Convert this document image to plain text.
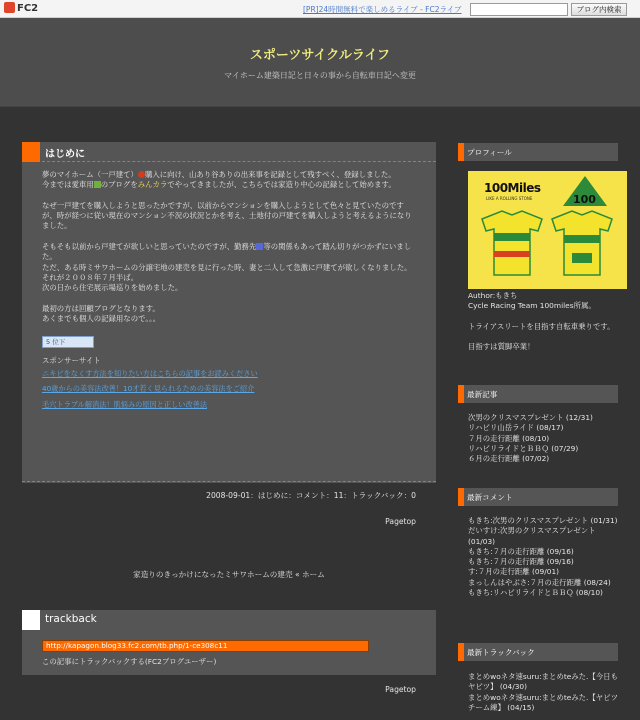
FC2	[PR]24時間無料で楽しめるライブ - FC2ライブ	ブログ内検索
スポーツサイクルライフ
マイホーム建築日記と日々の事から自転車日記へ変更
はじめに

夢のマイホーム（一戸建て） 購入に向け、山あり谷ありの出来事を記録として残すべく、登録しました。
今までは愛車用 のブログをみんカラでやってきましたが、こちらでは家造り中心の記録として始めます。

なぜ一戸建てを購入しようと思ったかですが、以前からマンションを購入しようとして色々と見ていたのですが、時が経つに従い現在のマンション不況の状況とかを考え、土地付の戸建てを購入しようと考えるようになりました。

そもそも以前から戸建てが欲しいと思っていたのですが、勤務先 等の関係もあって踏ん切りがつかずにいました。
ただ、ある時ミサワホームの分譲宅地の建売を見に行った時、妻と二人して急激に戸建てが欲しくなりました。
それが２００８年７月半ば。
次の日から住宅展示場巡りを始めました。

最初の方は回顧ブログとなります。
あくまでも個人の記録用なので。。。

5 位下
スポンサーサイト
ニキビをなくす方法を知りたい方はこちらの記事をお読みください
40歳からの美容法改善！10才若く見られるための美容法をご紹介
毛穴トラブル解消法！肌悩みの原因と正しい改善法
2008-09-01：はじめに：コメント：11：トラックバック：0
Pagetop
家造りのきっかけになったミサワホームの建売 « ホーム
trackback
http://kapagon.blog33.fc2.com/tb.php/1-ce308c11
この記事にトラックバックする(FC2ブログユーザー)
Pagetop
プロフィール
100Miles
LIKE A ROLLING STONE	100
Author:もきち
Cycle Racing Team 100miles所属。
トライアスリートを目指す自転車乗りです。
目指すは質脚卒業！
最新記事
次男のクリスマスプレゼント (12/31)
リハビリ山岳ライド (08/17)
７月の走行距離 (08/10)
リハビリライドとＢＢＱ (07/29)
６月の走行距離 (07/02)
最新コメント
もきち:次男のクリスマスプレゼント (01/31)
だいすけ:次男のクリスマスプレゼント (01/03)
もきち:７月の走行距離 (09/16)
もきち:７月の走行距離 (09/16)
す:７月の走行距離 (09/01)
まっしんはやぶさ:７月の走行距離 (08/24)
もきち:リハビリライドとＢＢＱ (08/10)
最新トラックバック
まとめwoネタ速suru:まとめteみた.【今日もヤビツ】 (04/30)
まとめwoネタ速suru:まとめteみた.【ヤビツチーム練】 (04/15)
